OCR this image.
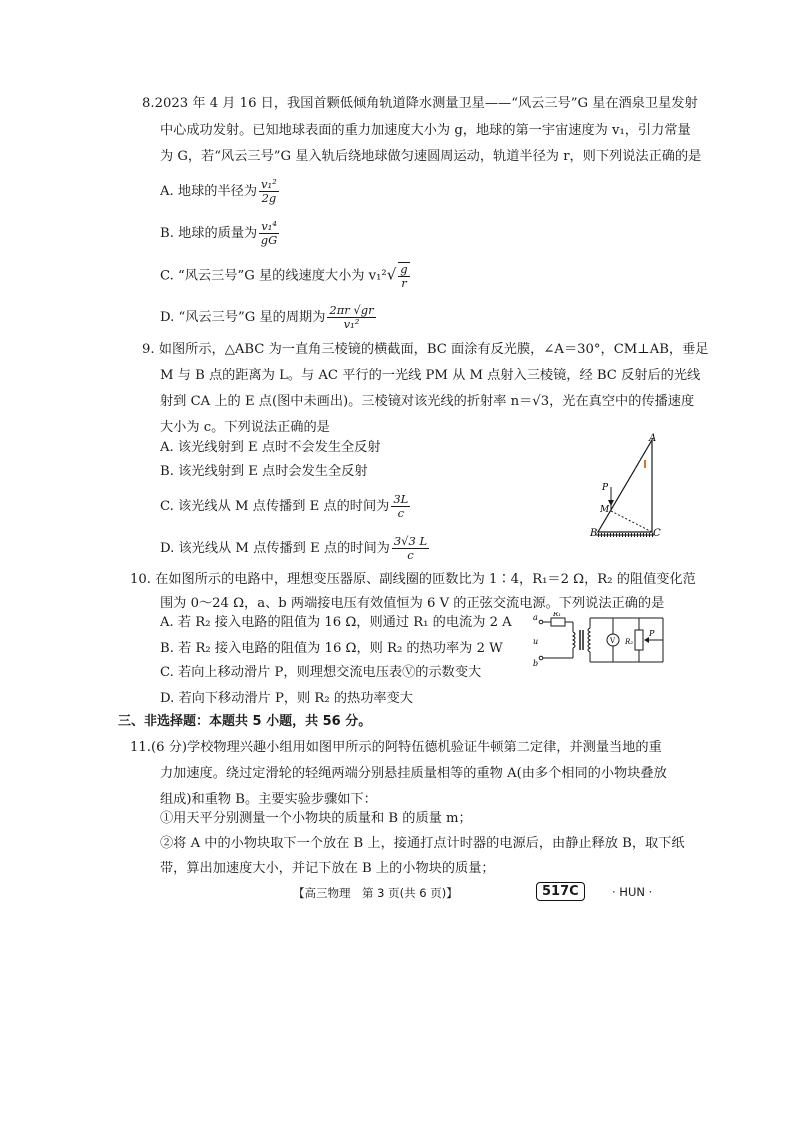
8.2023 年 4 月 16 日，我国首颗低倾角轨道降水测量卫星——“风云三号”G 星在酒泉卫星发射
中心成功发射。已知地球表面的重力加速度大小为 g，地球的第一宇宙速度为 v₁，引力常量
为 G，若“风云三号”G 星入轨后绕地球做匀速圆周运动，轨道半径为 r，则下列说法正确的是
A. 地球的半径为 $\frac{\text{v₁²}}{2g}$
B. 地球的质量为 $\frac{\text{v₁⁴}}{gG}$
C. “风云三号”G 星的线速度大小为 $v_1^2√ \frac{g}{r}$
D. “风云三号”G 星的周期为 $\frac{2\pi r √gr}{\text{v₁²}}$
9. 如图所示，△ABC 为一直角三棱镜的横截面，BC 面涂有反光膜，∠A＝30°，CM⊥AB，垂足
M 与 B 点的距离为 L。与 AC 平行的一光线 PM 从 M 点射入三棱镜，经 BC 反射后的光线
射到 CA 上的 E 点(图中未画出)。三棱镜对该光线的折射率 n＝√3，光在真空中的传播速度
大小为 c。下列说法正确的是
A. 该光线射到 E 点时不会发生全反射
B. 该光线射到 E 点时会发生全反射
C. 该光线从 M 点传播到 E 点的时间为 $\frac{3L}{c}$
D. 该光线从 M 点传播到 E 点的时间为 $\frac{3√3 L}{c}$
A
B	C
M
P
10. 在如图所示的电路中，理想变压器原、副线圈的匝数比为 1∶4，R₁＝2 Ω，R₂ 的阻值变化范
围为 0～24 Ω，a、b 两端接电压有效值恒为 6 V 的正弦交流电源。下列说法正确的是
A. 若 R₂ 接入电路的阻值为 16 Ω，则通过 R₁ 的电流为 2 A
B. 若 R₂ 接入电路的阻值为 16 Ω，则 R₂ 的热功率为 2 W
C. 若向上移动滑片 P，则理想交流电压表Ⓥ的示数变大
D. 若向下移动滑片 P，则 R₂ 的热功率变大
a
u
b
R₁
V R₂
P
三、非选择题：本题共 5 小题，共 56 分。
11.(6 分)学校物理兴趣小组用如图甲所示的阿特伍德机验证牛顿第二定律，并测量当地的重
力加速度。绕过定滑轮的轻绳两端分别悬挂质量相等的重物 A(由多个相同的小物块叠放
组成)和重物 B。主要实验步骤如下：
①用天平分别测量一个小物块的质量和 B 的质量 m；
②将 A 中的小物块取下一个放在 B 上，接通打点计时器的电源后，由静止释放 B，取下纸
带，算出加速度大小，并记下放在 B 上的小物块的质量；
【高三物理　第 3 页(共 6 页)】	517C	· HUN ·
